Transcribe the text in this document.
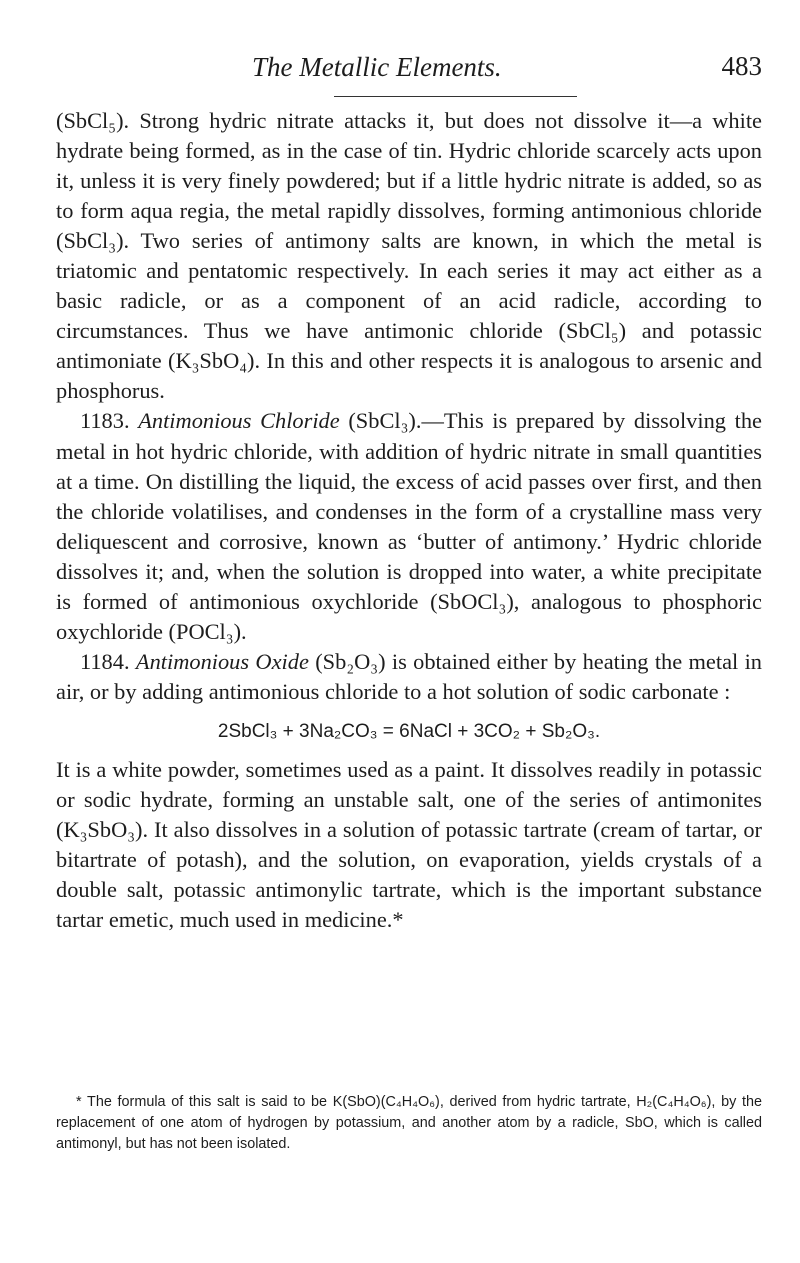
The Metallic Elements.	483

(SbCl₅). Strong hydric nitrate attacks it, but does not dissolve it—a white hydrate being formed, as in the case of tin. Hydric chloride scarcely acts upon it, unless it is very finely powdered; but if a little hydric nitrate is added, so as to form aqua regia, the metal rapidly dissolves, forming antimonious chloride (SbCl₃). Two series of antimony salts are known, in which the metal is triatomic and pentatomic respectively. In each series it may act either as a basic radicle, or as a component of an acid radicle, according to circumstances. Thus we have antimonic chloride (SbCl₅) and potassic antimoniate (K₃SbO₄). In this and other respects it is analogous to arsenic and phosphorus.

1183. Antimonious Chloride (SbCl₃).—This is prepared by dissolving the metal in hot hydric chloride, with addition of hydric nitrate in small quantities at a time. On distilling the liquid, the excess of acid passes over first, and then the chloride volatilises, and condenses in the form of a crystalline mass very deliquescent and corrosive, known as ‘butter of antimony.’ Hydric chloride dissolves it; and, when the solution is dropped into water, a white precipitate is formed of antimonious oxychloride (SbOCl₃), analogous to phosphoric oxychloride (POCl₃).

1184. Antimonious Oxide (Sb₂O₃) is obtained either by heating the metal in air, or by adding antimonious chloride to a hot solution of sodic carbonate :

2SbCl₃ + 3Na₂CO₃ = 6NaCl + 3CO₂ + Sb₂O₃.

It is a white powder, sometimes used as a paint. It dissolves readily in potassic or sodic hydrate, forming an unstable salt, one of the series of antimonites (K₃SbO₃). It also dissolves in a solution of potassic tartrate (cream of tartar, or bitartrate of potash), and the solution, on evaporation, yields crystals of a double salt, potassic antimonylic tartrate, which is the important substance tartar emetic, much used in medicine.*

* The formula of this salt is said to be K(SbO)(C₄H₄O₆), derived from hydric tartrate, H₂(C₄H₄O₆), by the replacement of one atom of hydrogen by potassium, and another atom by a radicle, SbO, which is called antimonyl, but has not been isolated.
